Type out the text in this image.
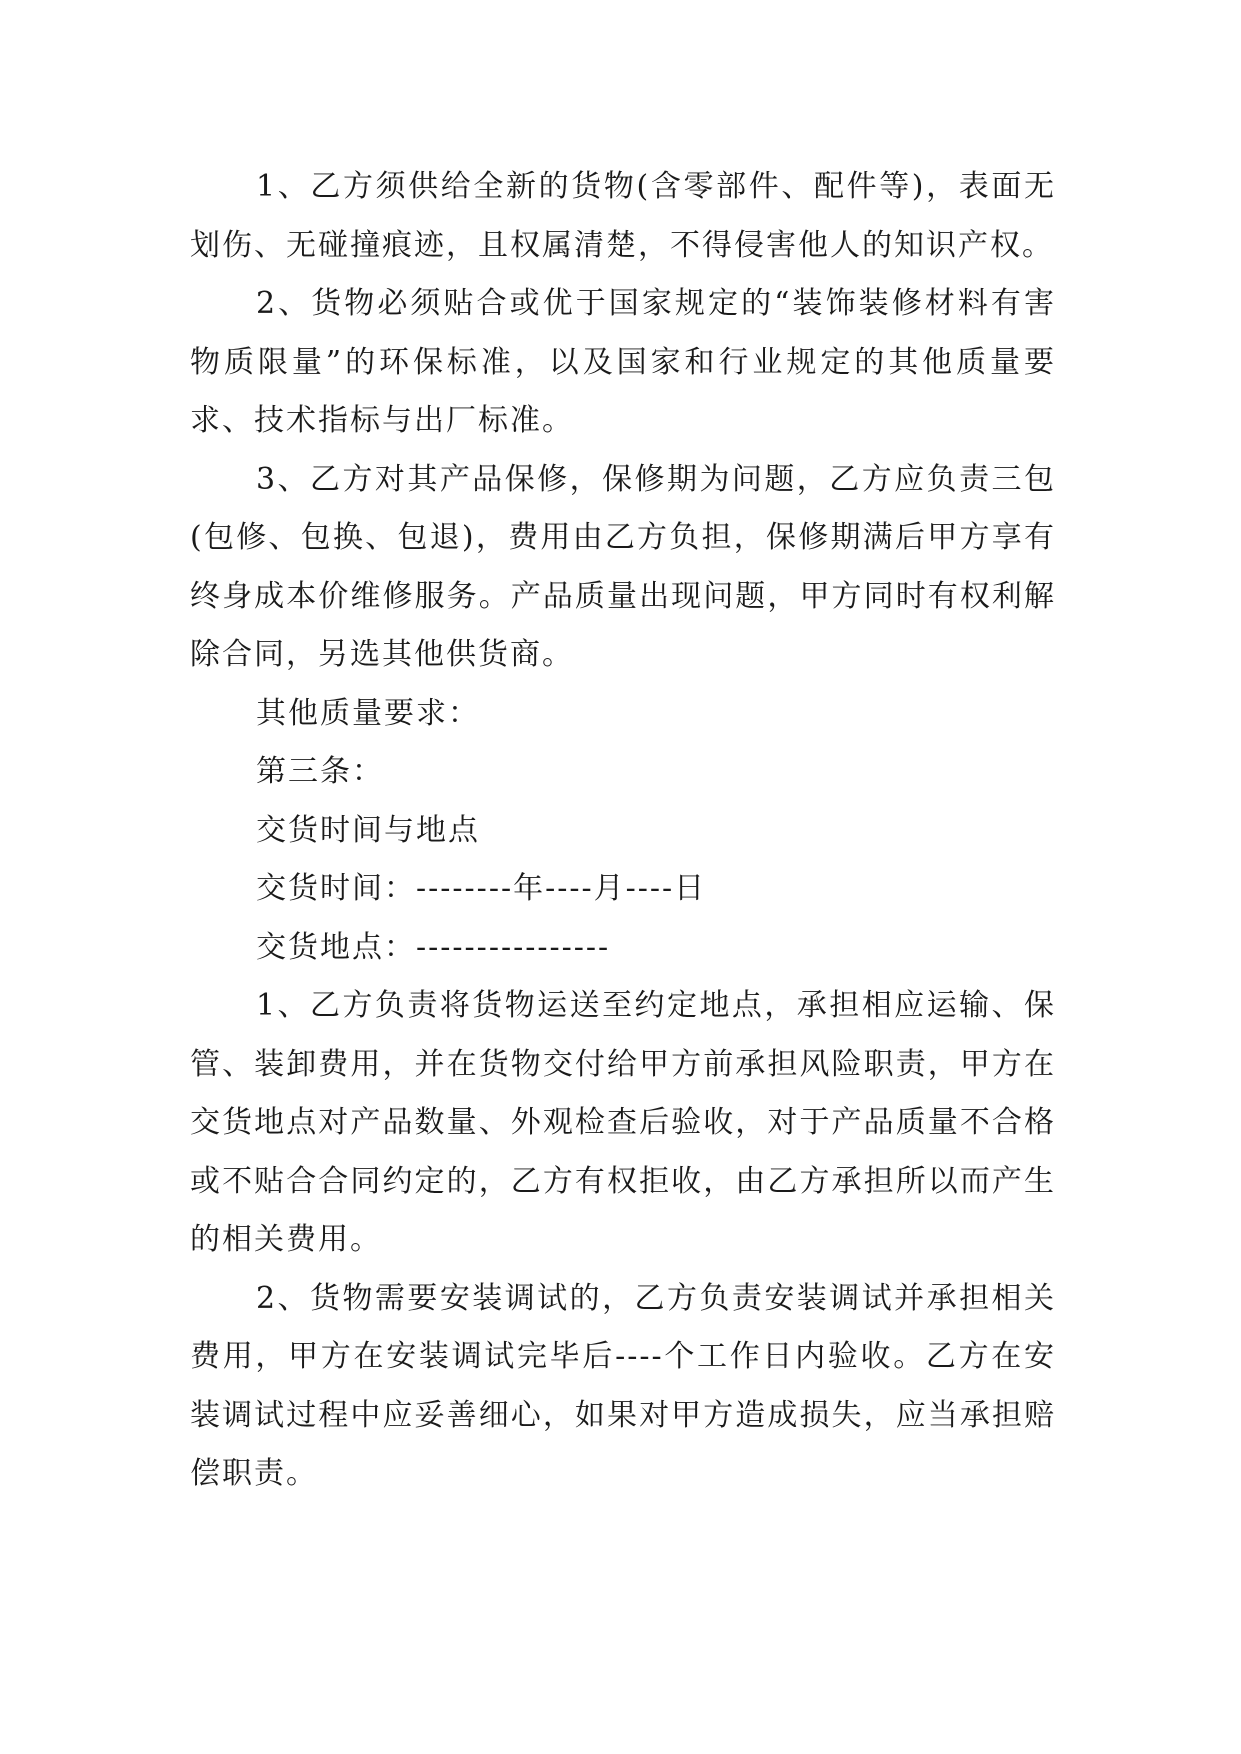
1、乙方须供给全新的货物(含零部件、配件等)，表面无划伤、无碰撞痕迹，且权属清楚，不得侵害他人的知识产权。

2、货物必须贴合或优于国家规定的“装饰装修材料有害物质限量”的环保标准，以及国家和行业规定的其他质量要求、技术指标与出厂标准。

3、乙方对其产品保修，保修期为问题，乙方应负责三包(包修、包换、包退)，费用由乙方负担，保修期满后甲方享有终身成本价维修服务。产品质量出现问题，甲方同时有权利解除合同，另选其他供货商。

其他质量要求：

第三条：

交货时间与地点

交货时间：--------年----月----日

交货地点：----------------

1、乙方负责将货物运送至约定地点，承担相应运输、保管、装卸费用，并在货物交付给甲方前承担风险职责，甲方在交货地点对产品数量、外观检查后验收，对于产品质量不合格或不贴合合同约定的，乙方有权拒收，由乙方承担所以而产生的相关费用。

2、货物需要安装调试的，乙方负责安装调试并承担相关费用，甲方在安装调试完毕后----个工作日内验收。乙方在安装调试过程中应妥善细心，如果对甲方造成损失，应当承担赔偿职责。
